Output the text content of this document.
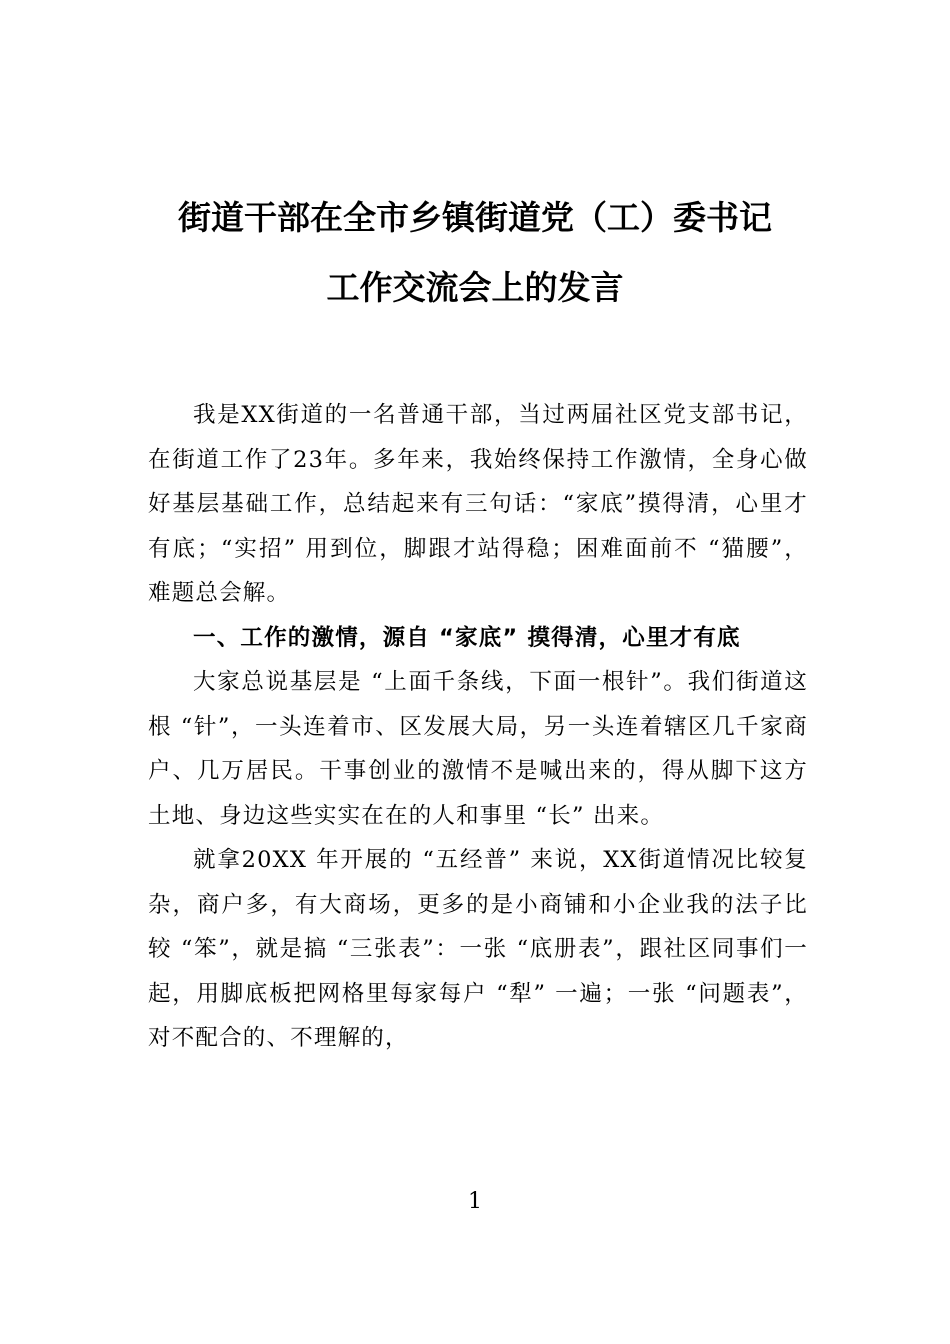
街道干部在全市乡镇街道党（工）委书记
工作交流会上的发言

我是XX街道的一名普通干部，当过两届社区党支部书记，在街道工作了23年。多年来，我始终保持工作激情，全身心做好基层基础工作，总结起来有三句话：“家底”摸得清，心里才有底；“实招” 用到位，脚跟才站得稳；困难面前不 “猫腰”，难题总会解。

一、工作的激情，源自 “家底” 摸得清，心里才有底

大家总说基层是 “上面千条线，下面一根针”。我们街道这根 “针”，一头连着市、区发展大局，另一头连着辖区几千家商户、几万居民。干事创业的激情不是喊出来的，得从脚下这方土地、身边这些实实在在的人和事里 “长” 出来。

就拿20XX 年开展的 “五经普” 来说，XX街道情况比较复杂，商户多，有大商场，更多的是小商铺和小企业我的法子比较 “笨”，就是搞 “三张表”：一张 “底册表”，跟社区同事们一起，用脚底板把网格里每家每户 “犁” 一遍；一张 “问题表”，对不配合的、不理解的，

1
